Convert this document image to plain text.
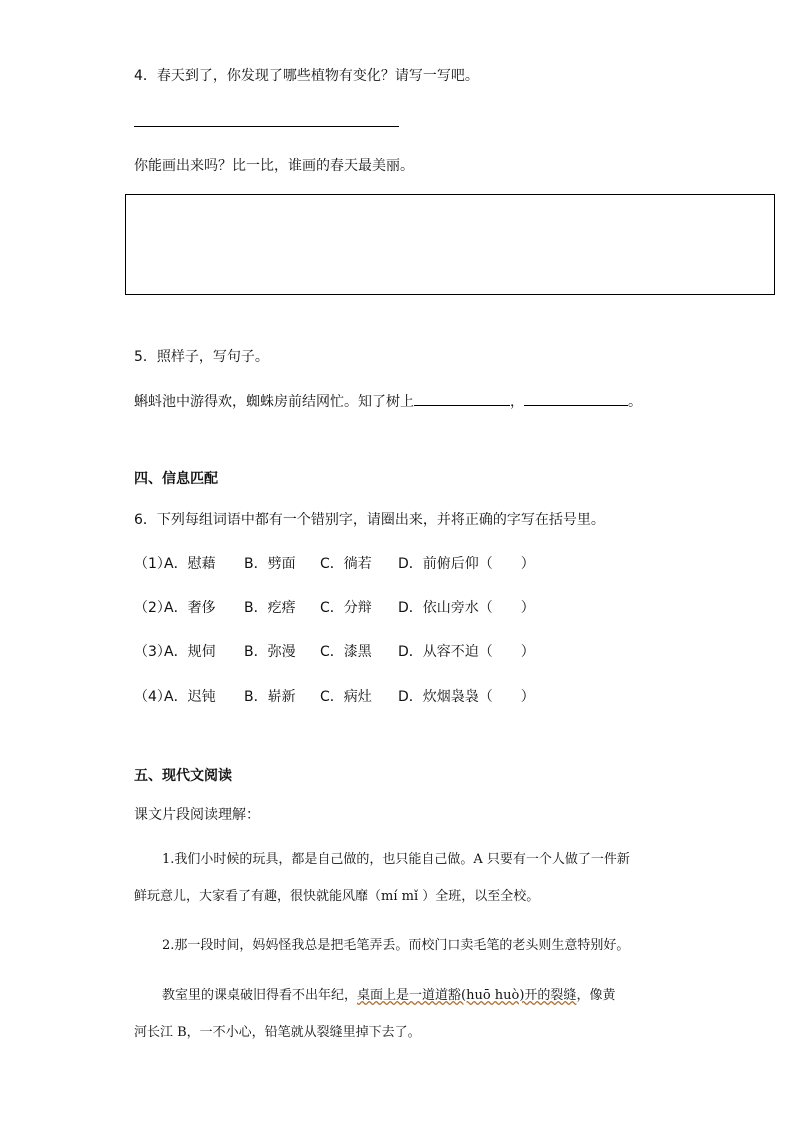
4．春天到了，你发现了哪些植物有变化？请写一写吧。
你能画出来吗？比一比，谁画的春天最美丽。
5．照样子，写句子。
蝌蚪池中游得欢，蜘蛛房前结网忙。知了树上	，	。
四、信息匹配
6．下列每组词语中都有一个错别字，请圈出来，并将正确的字写在括号里。
（1）
A．慰藉 B．劈面 C．徜若 D．前俯后仰（　　）
（2）
A．奢侈 B．疙瘩 C．分辩 D．依山旁水（　　）
（3）
A．规伺 B．弥漫 C．漆黑 D．从容不迫（　　）
（4）
A．迟钝 B．崭新 C．病灶 D．炊烟袅袅（　　）
五、现代文阅读
课文片段阅读理解：
1.我们小时候的玩具，都是自己做的，也只能自己做。A 只要有一个人做了一件新
鲜玩意儿，大家看了有趣，很快就能风靡（mí mǐ ）全班，以至全校。
2.那一段时间，妈妈怪我总是把毛笔弄丢。而校门口卖毛笔的老头则生意特别好。
教室里的课桌破旧得看不出年纪，桌面上是一道道豁(huō huò)开的裂缝，像黄
河长江 B，一不小心，铅笔就从裂缝里掉下去了。
